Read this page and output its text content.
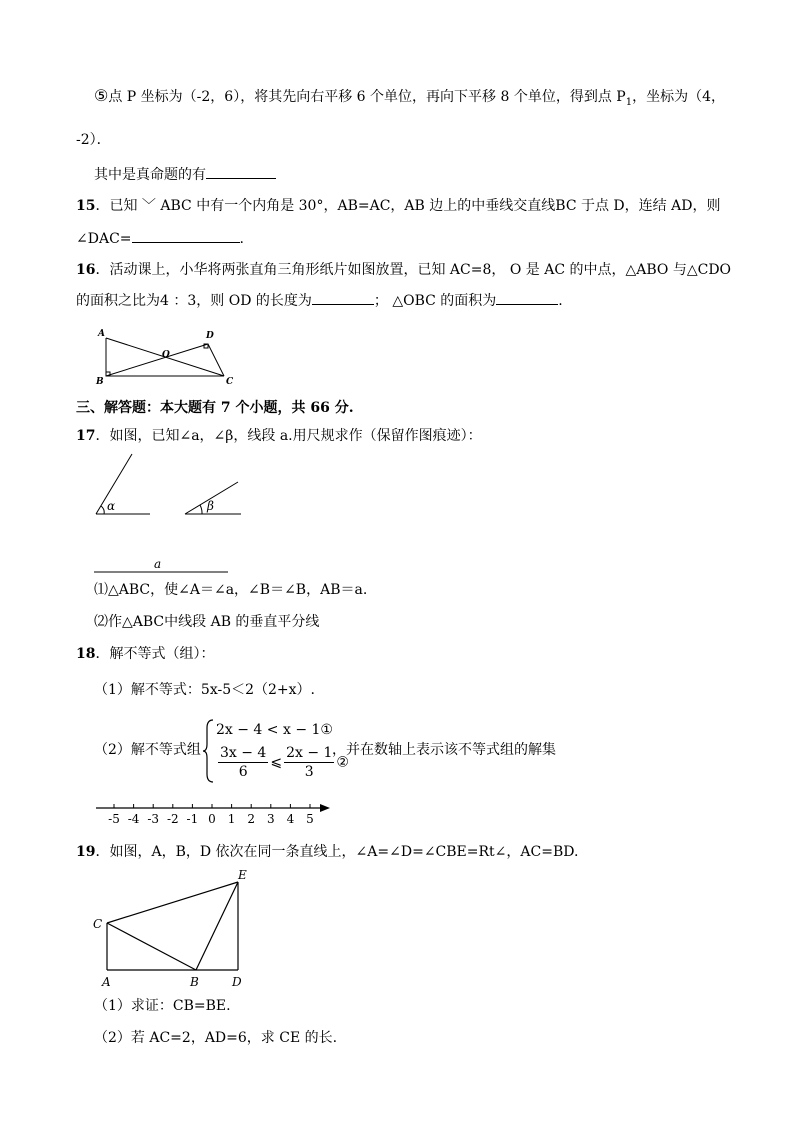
⑤点 P 坐标为（-2，6），将其先向右平移 6 个单位，再向下平移 8 个单位，得到点 $P_1$，坐标为（4，
-2）．
其中是真命题的有
15．已知 ﹀ ABC 中有一个内角是 30°，AB=AC，AB 边上的中垂线交直线BC 于点 D，连结 AD，则
∠DAC=	.
16．活动课上，小华将两张直角三角形纸片如图放置，已知 AC=8， O 是 AC 的中点，△ABO 与△CDO
的面积之比为4 ：3，则 OD 的长度为	； △OBC 的面积为	.
A	D
O
B	C
三、解答题：本大题有 7 个小题，共 66 分.
17．如图，已知∠a，∠β，线段 a.用尺规求作（保留作图痕迹）：
α	β
a
⑴△ABC，使∠A＝∠a，∠B＝∠B，AB＝a.
⑵作△ABC中线段 AB 的垂直平分线
18．解不等式（组）：
（1）解不等式：5x-5＜2（2+x）.
（2）解不等式组
2x − 4 < x − 1①
$\frac{3x - 4}{6}$ ⩽ $\frac{2x - 1}{3}$ ②
，并在数轴上表示该不等式组的解集
-5 -4 -3 -2 -1 0 1 2 3 4 5
19．如图，A，B，D 依次在同一条直线上，∠A=∠D=∠CBE=Rt∠，AC=BD.
C
E
A	B	D
（1）求证：CB=BE.
（2）若 AC=2，AD=6，求 CE 的长.
